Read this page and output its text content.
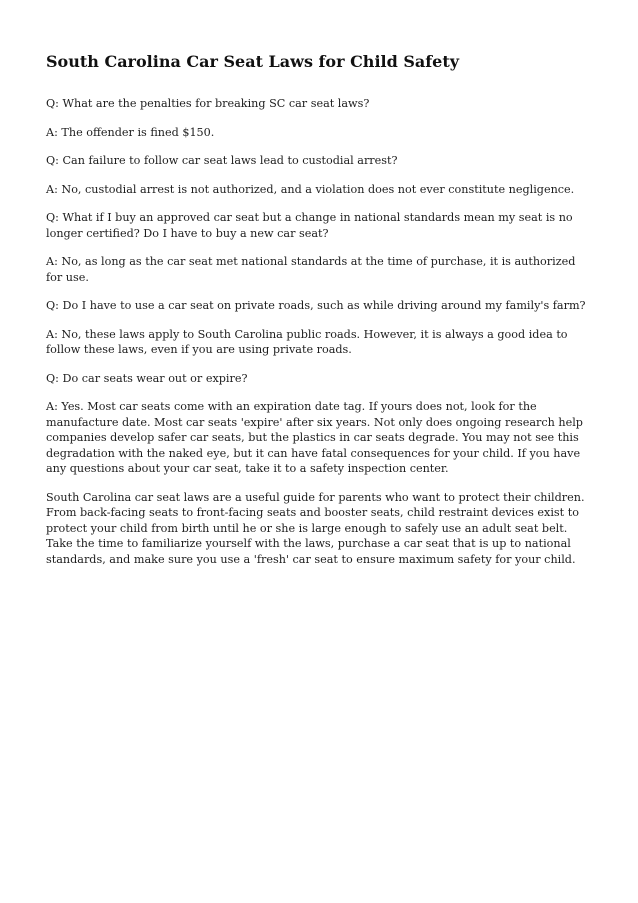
South Carolina Car Seat Laws for Child Safety

Q: What are the penalties for breaking SC car seat laws?

A: The offender is fined $150.

Q: Can failure to follow car seat laws lead to custodial arrest?

A: No, custodial arrest is not authorized, and a violation does not ever constitute negligence.

Q: What if I buy an approved car seat but a change in national standards mean my seat is no longer certified? Do I have to buy a new car seat?

A: No, as long as the car seat met national standards at the time of purchase, it is authorized for use.

Q: Do I have to use a car seat on private roads, such as while driving around my family's farm?

A: No, these laws apply to South Carolina public roads. However, it is always a good idea to follow these laws, even if you are using private roads.

Q: Do car seats wear out or expire?

A: Yes. Most car seats come with an expiration date tag. If yours does not, look for the manufacture date. Most car seats 'expire' after six years. Not only does ongoing research help companies develop safer car seats, but the plastics in car seats degrade. You may not see this degradation with the naked eye, but it can have fatal consequences for your child. If you have any questions about your car seat, take it to a safety inspection center.

South Carolina car seat laws are a useful guide for parents who want to protect their children. From back-facing seats to front-facing seats and booster seats, child restraint devices exist to protect your child from birth until he or she is large enough to safely use an adult seat belt. Take the time to familiarize yourself with the laws, purchase a car seat that is up to national standards, and make sure you use a 'fresh' car seat to ensure maximum safety for your child.
